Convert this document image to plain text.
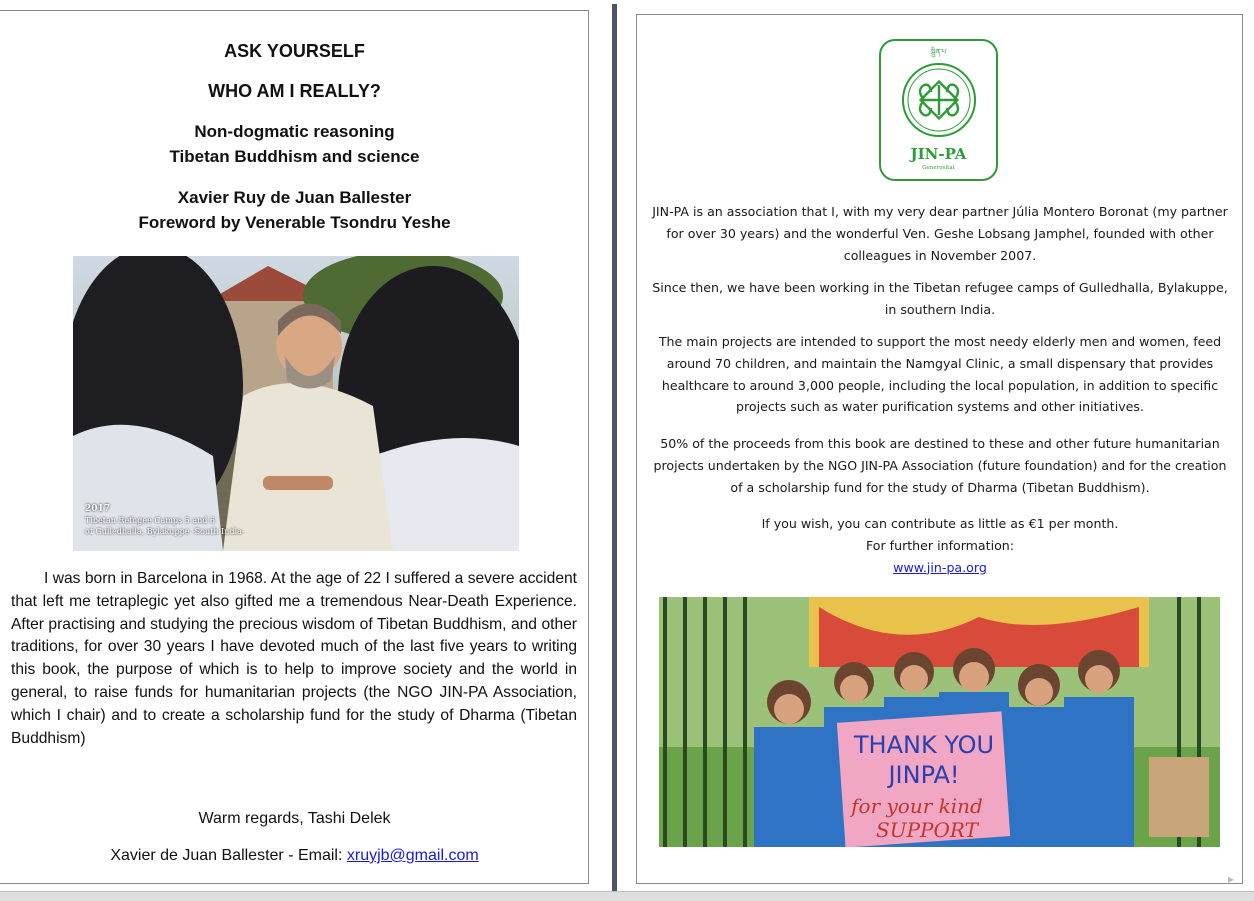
ASK YOURSELF
WHO AM I REALLY?
Non-dogmatic reasoning
Tibetan Buddhism and science
Xavier Ruy de Juan Ballester
Foreword by Venerable Tsondru Yeshe
2017
Tibetan Refugee Camps 5 and 6
of Gulledhalla, Bylakuppe -South India-

I was born in Barcelona in 1968. At the age of 22 I suffered a severe accident that left me tetraplegic yet also gifted me a tremendous Near-Death Experience. After practising and studying the precious wisdom of Tibetan Buddhism, and other traditions, for over 30 years I have devoted much of the last five years to writing this book, the purpose of which is to help to improve society and the world in general, to raise funds for humanitarian projects (the NGO JIN-PA Association, which I chair) and to create a scholarship fund for the study of Dharma (Tibetan Buddhism)

Warm regards, Tashi Delek
Xavier de Juan Ballester - Email: xruyjb@gmail.com
སྦྱིན་པ
JIN-PA
Generositat

JIN-PA is an association that I, with my very dear partner Júlia Montero Boronat (my partner for over 30 years) and the wonderful Ven. Geshe Lobsang Jamphel, founded with other colleagues in November 2007.

Since then, we have been working in the Tibetan refugee camps of Gulledhalla, Bylakuppe, in southern India.

The main projects are intended to support the most needy elderly men and women, feed around 70 children, and maintain the Namgyal Clinic, a small dispensary that provides healthcare to around 3,000 people, including the local population, in addition to specific projects such as water purification systems and other initiatives.

50% of the proceeds from this book are destined to these and other future humanitarian projects undertaken by the NGO JIN-PA Association (future foundation) and for the creation of a scholarship fund for the study of Dharma (Tibetan Buddhism).

If you wish, you can contribute as little as €1 per month.
For further information:
www.jin-pa.org
THANK YOU
JINPA!
for your kind
SUPPORT
▸
